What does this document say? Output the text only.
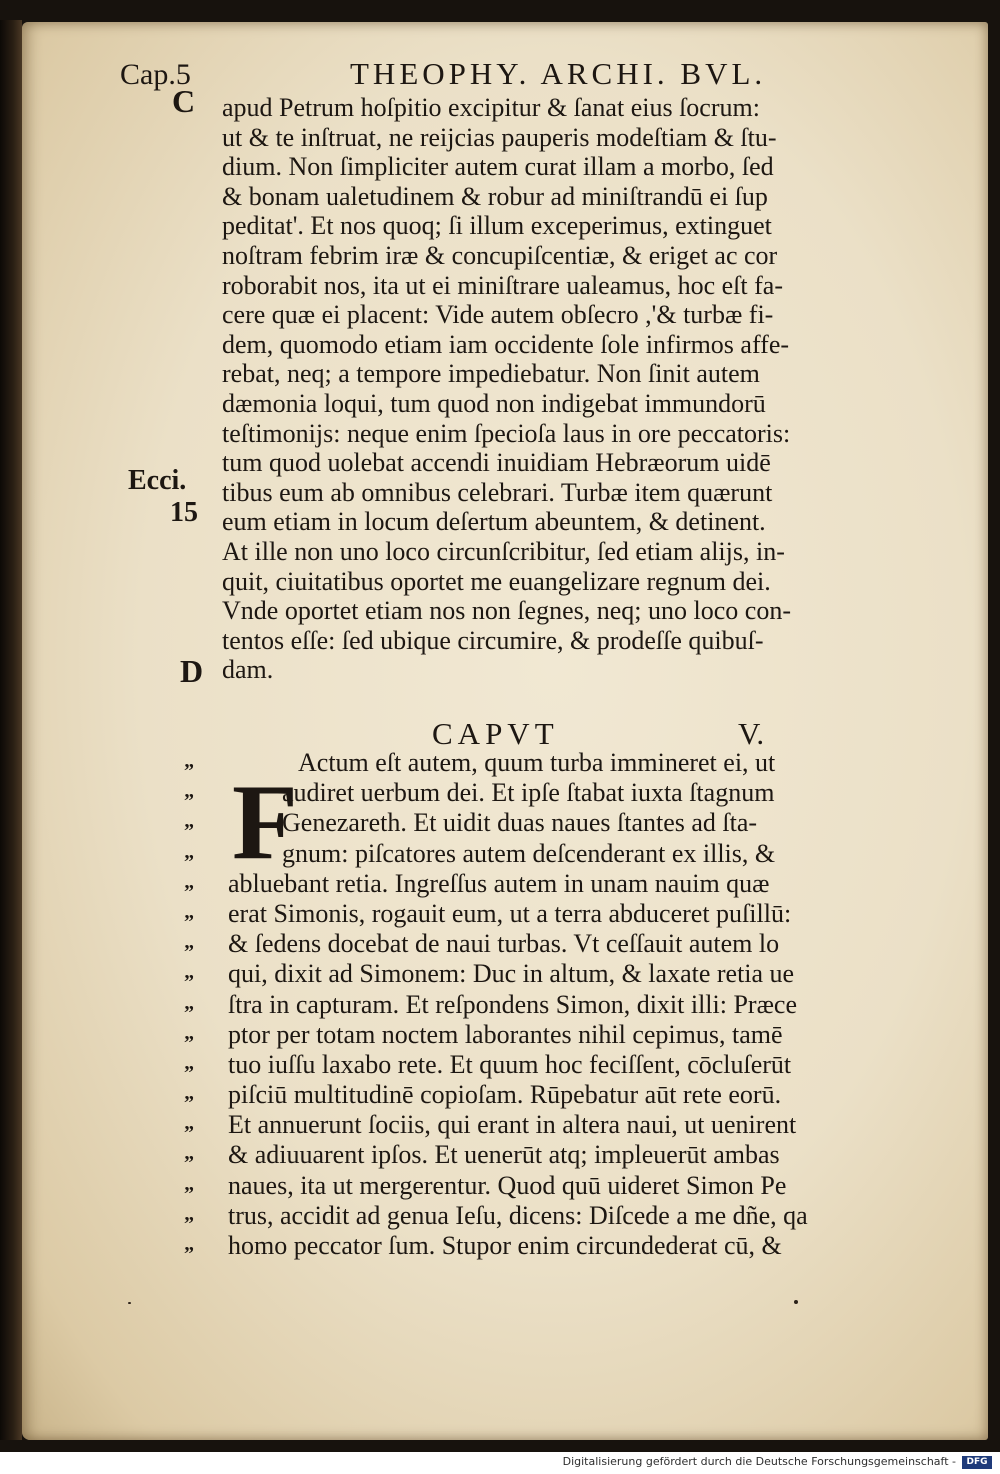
Cap.5	THEOPHY. ARCHI. BVL.
C
Ecci.
15
D
apud Petrum hoſpitio excipitur & ſanat eius ſocrum:
ut & te inſtruat, ne reijcias pauperis modeſtiam & ſtu-
dium. Non ſimpliciter autem curat illam a morbo, ſed
& bonam ualetudinem & robur ad miniſtrandū ei ſup
peditat'. Et nos quoq; ſi illum exceperimus, extinguet
noſtram febrim iræ & concupiſcentiæ, & eriget ac cor
roborabit nos, ita ut ei miniſtrare ualeamus, hoc eſt fa-
cere quæ ei placent: Vide autem obſecro ,'& turbæ fi-
dem, quomodo etiam iam occidente ſole infirmos affe-
rebat, neq; a tempore impediebatur. Non ſinit autem
dæmonia loqui, tum quod non indigebat immundorū
teſtimonijs: neque enim ſpecioſa laus in ore peccatoris:
tum quod uolebat accendi inuidiam Hebræorum uidē
tibus eum ab omnibus celebrari. Turbæ item quærunt
eum etiam in locum deſertum abeuntem, & detinent.
At ille non uno loco circunſcribitur, ſed etiam alijs, in-
quit, ciuitatibus oportet me euangelizare regnum dei.
Vnde oportet etiam nos non ſegnes, neq; uno loco con-
tentos eſſe: ſed ubique circumire, & prodeſſe quibuſ-
dam.
CAPVT	V.
F
”
”
”
”
”
”
”
”
”
”
”
”
”
”
”
”
”
Actum eſt autem, quum turba immineret ei, ut
audiret uerbum dei. Et ipſe ſtabat iuxta ſtagnum
Genezareth. Et uidit duas naues ſtantes ad ſta-
gnum: piſcatores autem deſcenderant ex illis, &
abluebant retia. Ingreſſus autem in unam nauim quæ
erat Simonis, rogauit eum, ut a terra abduceret puſillū:
& ſedens docebat de naui turbas. Vt ceſſauit autem lo
qui, dixit ad Simonem: Duc in altum, & laxate retia ue
ſtra in capturam. Et reſpondens Simon, dixit illi: Præce
ptor per totam noctem laborantes nihil cepimus, tamē
tuo iuſſu laxabo rete. Et quum hoc feciſſent, cōcluſerūt
piſciū multitudinē copioſam. Rūpebatur aūt rete eorū.
Et annuerunt ſociis, qui erant in altera naui, ut uenirent
& adiuuarent ipſos. Et uenerūt atq; impleuerūt ambas
naues, ita ut mergerentur. Quod quū uideret Simon Pe
trus, accidit ad genua Ieſu, dicens: Diſcede a me dñe, qa
homo peccator ſum. Stupor enim circundederat cū, &
Digitalisierung gefördert durch die Deutsche Forschungsgemeinschaft -	DFG
